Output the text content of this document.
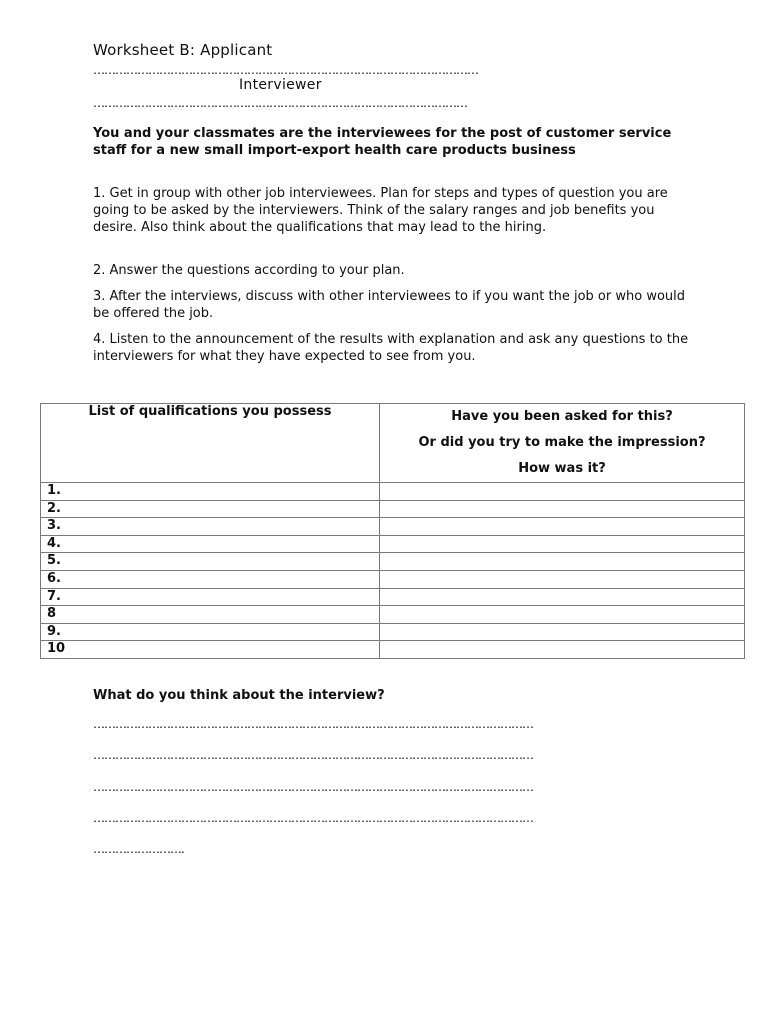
Worksheet B: Applicant
……………………………………………………………………………………………
Interviewer
…………………………………………………………………………………………
You and your classmates are the interviewees for the post of customer service staff for a new small import-export health care products business
1. Get in group with other job interviewees. Plan for steps and types of question you are going to be asked by the interviewers. Think of the salary ranges and job benefits you desire. Also think about the qualifications that may lead to the hiring.
2. Answer the questions according to your plan.
3. After the interviews, discuss with other interviewees to if you want the job or who would be offered the job.
4. Listen to the announcement of the results with explanation and ask any questions to the interviewers for what they have expected to see from you.
List of qualifications you possess	Have you been asked for this?
Or did you try to make the impression?
How was it?

1.	
2.	
3.	
4.	
5.	
6.	
7.	
8	
9.	
10	
What do you think about the interview?
…………………………………………………………………………………………………………
…………………………………………………………………………………………………………
…………………………………………………………………………………………………………
…………………………………………………………………………………………………………
…………………….
